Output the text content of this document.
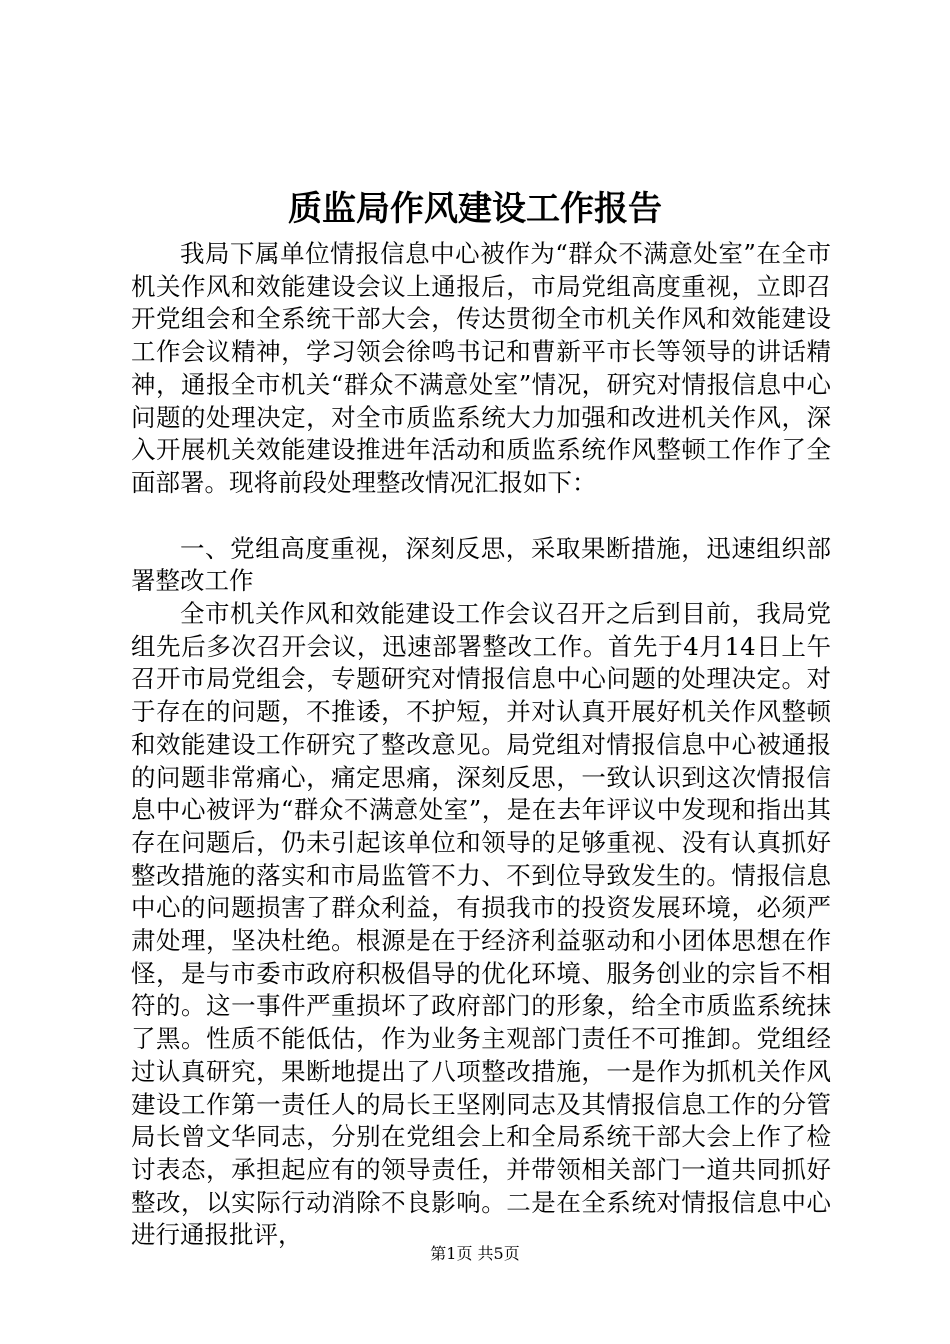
质监局作风建设工作报告

我局下属单位情报信息中心被作为“群众不满意处室”在全市机关作风和效能建设会议上通报后，市局党组高度重视，立即召开党组会和全系统干部大会，传达贯彻全市机关作风和效能建设工作会议精神，学习领会徐鸣书记和曹新平市长等领导的讲话精神，通报全市机关“群众不满意处室”情况，研究对情报信息中心问题的处理决定，对全市质监系统大力加强和改进机关作风，深入开展机关效能建设推进年活动和质监系统作风整顿工作作了全面部署。现将前段处理整改情况汇报如下：

一、党组高度重视，深刻反思，采取果断措施，迅速组织部署整改工作

全市机关作风和效能建设工作会议召开之后到目前，我局党组先后多次召开会议，迅速部署整改工作。首先于4月14日上午召开市局党组会，专题研究对情报信息中心问题的处理决定。对于存在的问题，不推诿，不护短，并对认真开展好机关作风整顿和效能建设工作研究了整改意见。局党组对情报信息中心被通报的问题非常痛心，痛定思痛，深刻反思，一致认识到这次情报信息中心被评为“群众不满意处室”，是在去年评议中发现和指出其存在问题后，仍未引起该单位和领导的足够重视、没有认真抓好整改措施的落实和市局监管不力、不到位导致发生的。情报信息中心的问题损害了群众利益，有损我市的投资发展环境，必须严肃处理，坚决杜绝。根源是在于经济利益驱动和小团体思想在作怪，是与市委市政府积极倡导的优化环境、服务创业的宗旨不相符的。这一事件严重损坏了政府部门的形象，给全市质监系统抹了黑。性质不能低估，作为业务主观部门责任不可推卸。党组经过认真研究，果断地提出了八项整改措施，一是作为抓机关作风建设工作第一责任人的局长王坚刚同志及其情报信息工作的分管局长曾文华同志，分别在党组会上和全局系统干部大会上作了检讨表态，承担起应有的领导责任，并带领相关部门一道共同抓好整改，以实际行动消除不良影响。二是在全系统对情报信息中心进行通报批评，

第1页 共5页
